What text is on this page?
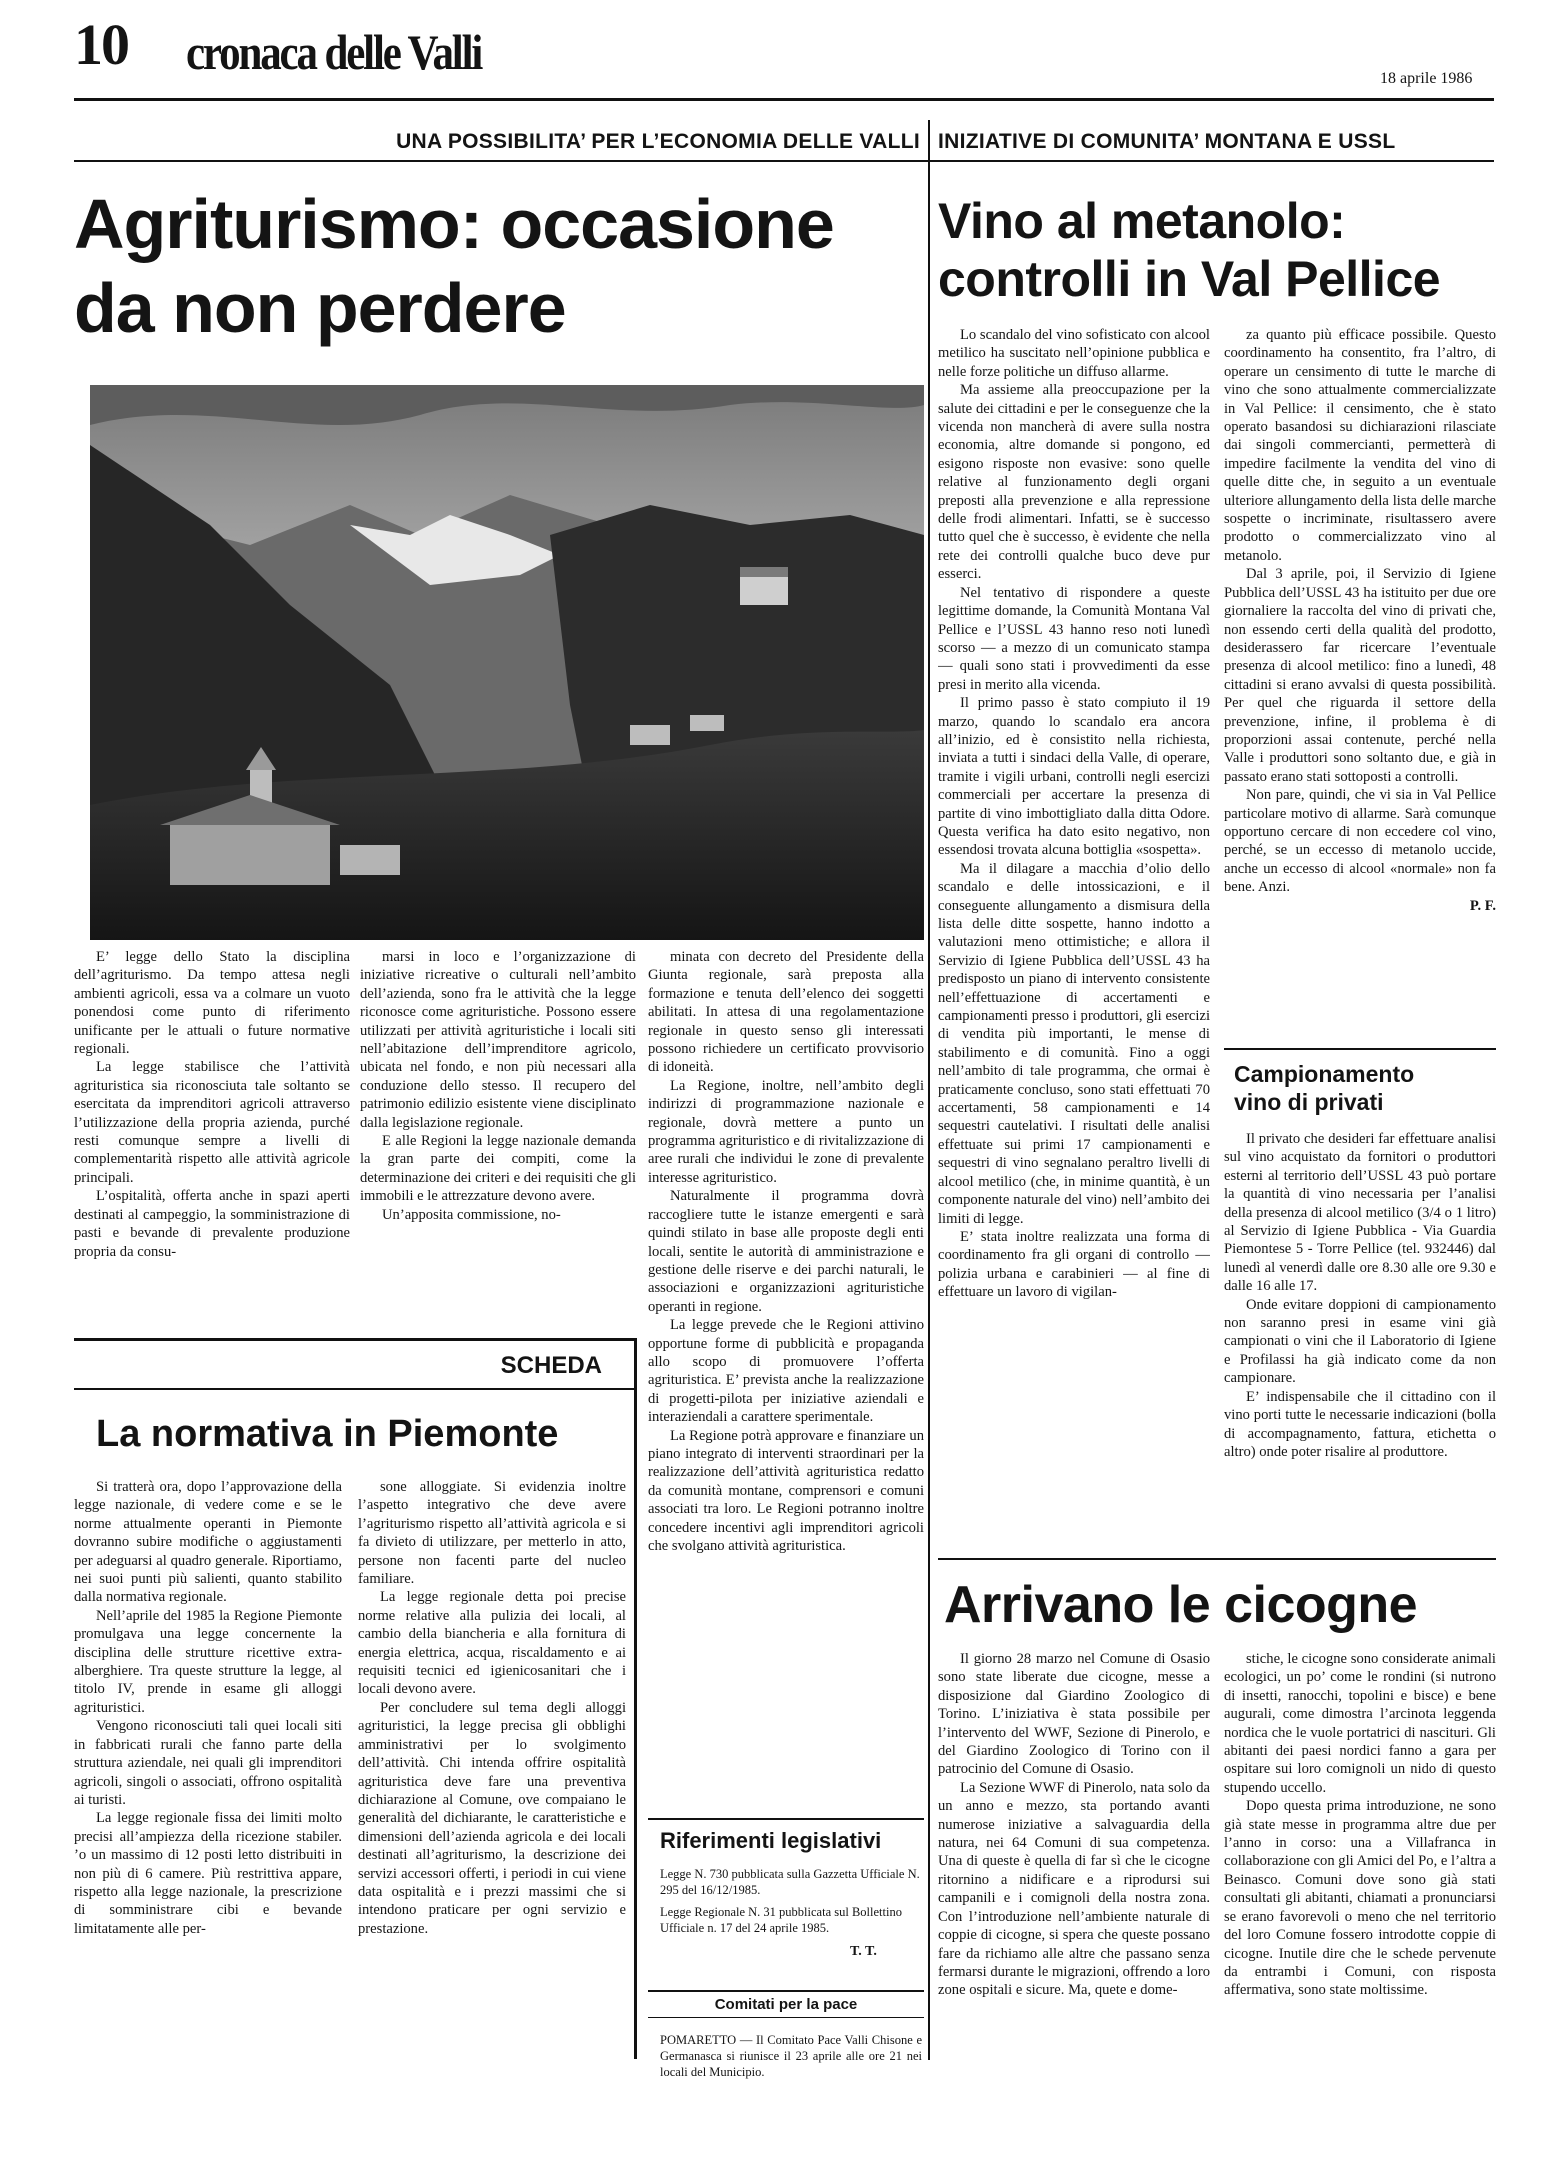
10 cronaca delle Valli	18 aprile 1986
UNA POSSIBILITA’ PER L’ECONOMIA DELLE VALLI INIZIATIVE DI COMUNITA’ MONTANA E USSL
Agriturismo: occasione
da non perdere

E’ legge dello Stato la disciplina dell’agriturismo. Da tempo attesa negli ambienti agricoli, essa va a colmare un vuoto ponendosi come punto di riferimento unificante per le attuali o future normative regionali.

La legge stabilisce che l’attività agrituristica sia riconosciuta tale soltanto se esercitata da imprenditori agricoli attraverso l’utilizzazione della propria azienda, purché resti comunque sempre a livelli di complementarità rispetto alle attività agricole principali.

L’ospitalità, offerta anche in spazi aperti destinati al campeggio, la somministrazione di pasti e bevande di prevalente produzione propria da consu-

marsi in loco e l’organizzazione di iniziative ricreative o culturali nell’ambito dell’azienda, sono fra le attività che la legge riconosce come agrituristiche. Possono essere utilizzati per attività agrituristiche i locali siti nell’abitazione dell’imprenditore agricolo, ubicata nel fondo, e non più necessari alla conduzione dello stesso. Il recupero del patrimonio edilizio esistente viene disciplinato dalla legislazione regionale.

E alle Regioni la legge nazionale demanda la gran parte dei compiti, come la determinazione dei criteri e dei requisiti che gli immobili e le attrezzature devono avere.

Un’apposita commissione, no-

minata con decreto del Presidente della Giunta regionale, sarà preposta alla formazione e tenuta dell’elenco dei soggetti abilitati. In attesa di una regolamentazione regionale in questo senso gli interessati possono richiedere un certificato provvisorio di idoneità.

La Regione, inoltre, nell’ambito degli indirizzi di programmazione nazionale e regionale, dovrà mettere a punto un programma agrituristico e di rivitalizzazione di aree rurali che individui le zone di prevalente interesse agrituristico.

Naturalmente il programma dovrà raccogliere tutte le istanze emergenti e sarà quindi stilato in base alle proposte degli enti locali, sentite le autorità di amministrazione e gestione delle riserve e dei parchi naturali, le associazioni e organizzazioni agrituristiche operanti in regione.

La legge prevede che le Regioni attivino opportune forme di pubblicità e propaganda allo scopo di promuovere l’offerta agrituristica. E’ prevista anche la realizzazione di progetti-pilota per iniziative aziendali e interaziendali a carattere sperimentale.

La Regione potrà approvare e finanziare un piano integrato di interventi straordinari per la realizzazione dell’attività agrituristica redatto da comunità montane, comprensori e comuni associati tra loro. Le Regioni potranno inoltre concedere incentivi agli imprenditori agricoli che svolgano attività agrituristica.

SCHEDA
La normativa in Piemonte

Si tratterà ora, dopo l’approvazione della legge nazionale, di vedere come e se le norme attualmente operanti in Piemonte dovranno subire modifiche o aggiustamenti per adeguarsi al quadro generale. Riportiamo, nei suoi punti più salienti, quanto stabilito dalla normativa regionale.

Nell’aprile del 1985 la Regione Piemonte promulgava una legge concernente la disciplina delle strutture ricettive extra-alberghiere. Tra queste strutture la legge, al titolo IV, prende in esame gli alloggi agrituristici.

Vengono riconosciuti tali quei locali siti in fabbricati rurali che fanno parte della struttura aziendale, nei quali gli imprenditori agricoli, singoli o associati, offrono ospitalità ai turisti.

La legge regionale fissa dei limiti molto precisi all’ampiezza della ricezione stabiler. ’o un massimo di 12 posti letto distribuiti in non più di 6 camere. Più restrittiva appare, rispetto alla legge nazionale, la prescrizione di somministrare cibi e bevande limitatamente alle per-

sone alloggiate. Si evidenzia inoltre l’aspetto integrativo che deve avere l’agriturismo rispetto all’attività agricola e si fa divieto di utilizzare, per metterlo in atto, persone non facenti parte del nucleo familiare.

La legge regionale detta poi precise norme relative alla pulizia dei locali, al cambio della biancheria e alla fornitura di energia elettrica, acqua, riscaldamento e ai requisiti tecnici ed igienicosanitari che i locali devono avere.

Per concludere sul tema degli alloggi agrituristici, la legge precisa gli obblighi amministrativi per lo svolgimento dell’attività. Chi intenda offrire ospitalità agrituristica deve fare una preventiva dichiarazione al Comune, ove compaiano le generalità del dichiarante, le caratteristiche e dimensioni dell’azienda agricola e dei locali destinati all’agriturismo, la descrizione dei servizi accessori offerti, i periodi in cui viene data ospitalità e i prezzi massimi che si intendono praticare per ogni servizio e prestazione.

Riferimenti legislativi
Legge N. 730 pubblicata sulla Gazzetta Ufficiale N. 295 del 16/12/1985.
Legge Regionale N. 31 pubblicata sul Bollettino Ufficiale n. 17 del 24 aprile 1985.
T. T.
Comitati per la pace
POMARETTO — Il Comitato Pace Valli Chisone e Germanasca si riunisce il 23 aprile alle ore 21 nei locali del Municipio.
Vino al metanolo:
controlli in Val Pellice

Lo scandalo del vino sofisticato con alcool metilico ha suscitato nell’opinione pubblica e nelle forze politiche un diffuso allarme.

Ma assieme alla preoccupazione per la salute dei cittadini e per le conseguenze che la vicenda non mancherà di avere sulla nostra economia, altre domande si pongono, ed esigono risposte non evasive: sono quelle relative al funzionamento degli organi preposti alla prevenzione e alla repressione delle frodi alimentari. Infatti, se è successo tutto quel che è successo, è evidente che nella rete dei controlli qualche buco deve pur esserci.

Nel tentativo di rispondere a queste legittime domande, la Comunità Montana Val Pellice e l’USSL 43 hanno reso noti lunedì scorso — a mezzo di un comunicato stampa — quali sono stati i provvedimenti da esse presi in merito alla vicenda.

Il primo passo è stato compiuto il 19 marzo, quando lo scandalo era ancora all’inizio, ed è consistito nella richiesta, inviata a tutti i sindaci della Valle, di operare, tramite i vigili urbani, controlli negli esercizi commerciali per accertare la presenza di partite di vino imbottigliato dalla ditta Odore. Questa verifica ha dato esito negativo, non essendosi trovata alcuna bottiglia «sospetta».

Ma il dilagare a macchia d’olio dello scandalo e delle intossicazioni, e il conseguente allungamento a dismisura della lista delle ditte sospette, hanno indotto a valutazioni meno ottimistiche; e allora il Servizio di Igiene Pubblica dell’USSL 43 ha predisposto un piano di intervento consistente nell’effettuazione di accertamenti e campionamenti presso i produttori, gli esercizi di vendita più importanti, le mense di stabilimento e di comunità. Fino a oggi nell’ambito di tale programma, che ormai è praticamente concluso, sono stati effettuati 70 accertamenti, 58 campionamenti e 14 sequestri cautelativi. I risultati delle analisi effettuate sui primi 17 campionamenti e sequestri di vino segnalano peraltro livelli di alcool metilico (che, in minime quantità, è un componente naturale del vino) nell’ambito dei limiti di legge.

E’ stata inoltre realizzata una forma di coordinamento fra gli organi di controllo — polizia urbana e carabinieri — al fine di effettuare un lavoro di vigilan-

za quanto più efficace possibile. Questo coordinamento ha consentito, fra l’altro, di operare un censimento di tutte le marche di vino che sono attualmente commercializzate in Val Pellice: il censimento, che è stato operato basandosi su dichiarazioni rilasciate dai singoli commercianti, permetterà di impedire facilmente la vendita del vino di quelle ditte che, in seguito a un eventuale ulteriore allungamento della lista delle marche sospette o incriminate, risultassero avere prodotto o commercializzato vino al metanolo.

Dal 3 aprile, poi, il Servizio di Igiene Pubblica dell’USSL 43 ha istituito per due ore giornaliere la raccolta del vino di privati che, non essendo certi della qualità del prodotto, desiderassero far ricercare l’eventuale presenza di alcool metilico: fino a lunedì, 48 cittadini si erano avvalsi di questa possibilità. Per quel che riguarda il settore della prevenzione, infine, il problema è di proporzioni assai contenute, perché nella Valle i produttori sono soltanto due, e già in passato erano stati sottoposti a controlli.

Non pare, quindi, che vi sia in Val Pellice particolare motivo di allarme. Sarà comunque opportuno cercare di non eccedere col vino, perché, se un eccesso di metanolo uccide, anche un eccesso di alcool «normale» non fa bene. Anzi.

P. F.

Campionamento
vino di privati

Il privato che desideri far effettuare analisi sul vino acquistato da fornitori o produttori esterni al territorio dell’USSL 43 può portare la quantità di vino necessaria per l’analisi della presenza di alcool metilico (3/4 o 1 litro) al Servizio di Igiene Pubblica - Via Guardia Piemontese 5 - Torre Pellice (tel. 932446) dal lunedì al venerdì dalle ore 8.30 alle ore 9.30 e dalle 16 alle 17.

Onde evitare doppioni di campionamento non saranno presi in esame vini già campionati o vini che il Laboratorio di Igiene e Profilassi ha già indicato come da non campionare.

E’ indispensabile che il cittadino con il vino porti tutte le necessarie indicazioni (bolla di accompagnamento, fattura, etichetta o altro) onde poter risalire al produttore.

Arrivano le cicogne

Il giorno 28 marzo nel Comune di Osasio sono state liberate due cicogne, messe a disposizione dal Giardino Zoologico di Torino. L’iniziativa è stata possibile per l’intervento del WWF, Sezione di Pinerolo, e del Giardino Zoologico di Torino con il patrocinio del Comune di Osasio.

La Sezione WWF di Pinerolo, nata solo da un anno e mezzo, sta portando avanti numerose iniziative a salvaguardia della natura, nei 64 Comuni di sua competenza. Una di queste è quella di far sì che le cicogne ritornino a nidificare e a riprodursi sui campanili e i comignoli della nostra zona. Con l’introduzione nell’ambiente naturale di coppie di cicogne, si spera che queste possano fare da richiamo alle altre che passano senza fermarsi durante le migrazioni, offrendo a loro zone ospitali e sicure. Ma, quete e dome-

stiche, le cicogne sono considerate animali ecologici, un po’ come le rondini (si nutrono di insetti, ranocchi, topolini e bisce) e bene augurali, come dimostra l’arcinota leggenda nordica che le vuole portatrici di nascituri. Gli abitanti dei paesi nordici fanno a gara per ospitare sui loro comignoli un nido di questo stupendo uccello.

Dopo questa prima introduzione, ne sono già state messe in programma altre due per l’anno in corso: una a Villafranca in collaborazione con gli Amici del Po, e l’altra a Beinasco. Comuni dove sono già stati consultati gli abitanti, chiamati a pronunciarsi se erano favorevoli o meno che nel territorio del loro Comune fossero introdotte coppie di cicogne. Inutile dire che le schede pervenute da entrambi i Comuni, con risposta affermativa, sono state moltissime.
